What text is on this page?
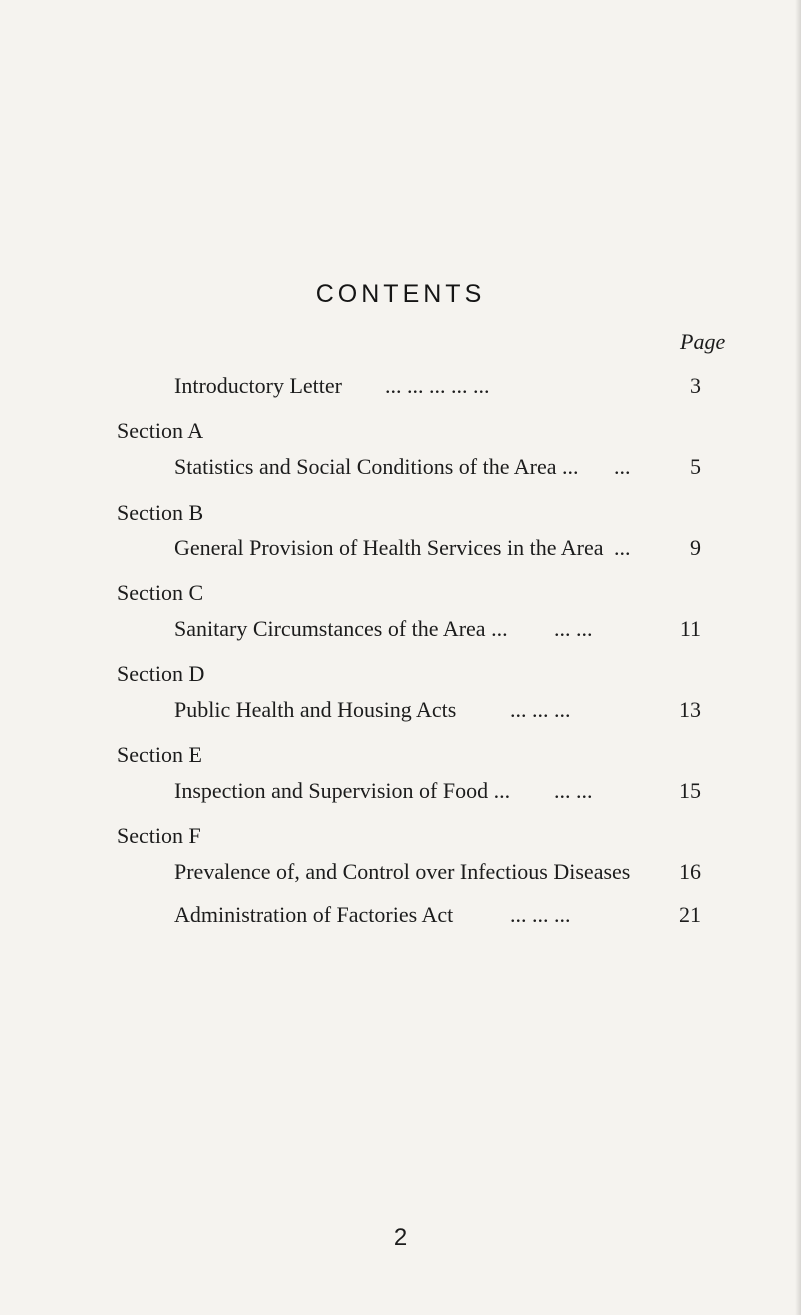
CONTENTS
Page
Introductory Letter ... ... ... ... ...	3
Section A
Statistics and Social Conditions of the Area ... ...	5
Section B
General Provision of Health Services in the Area ...	9
Section C
Sanitary Circumstances of the Area ... ... ...	11
Section D
Public Health and Housing Acts ... ... ...	13
Section E
Inspection and Supervision of Food ... ... ...	15
Section F
Prevalence of, and Control over Infectious Diseases	16
Administration of Factories Act	... ... ...	21
2
